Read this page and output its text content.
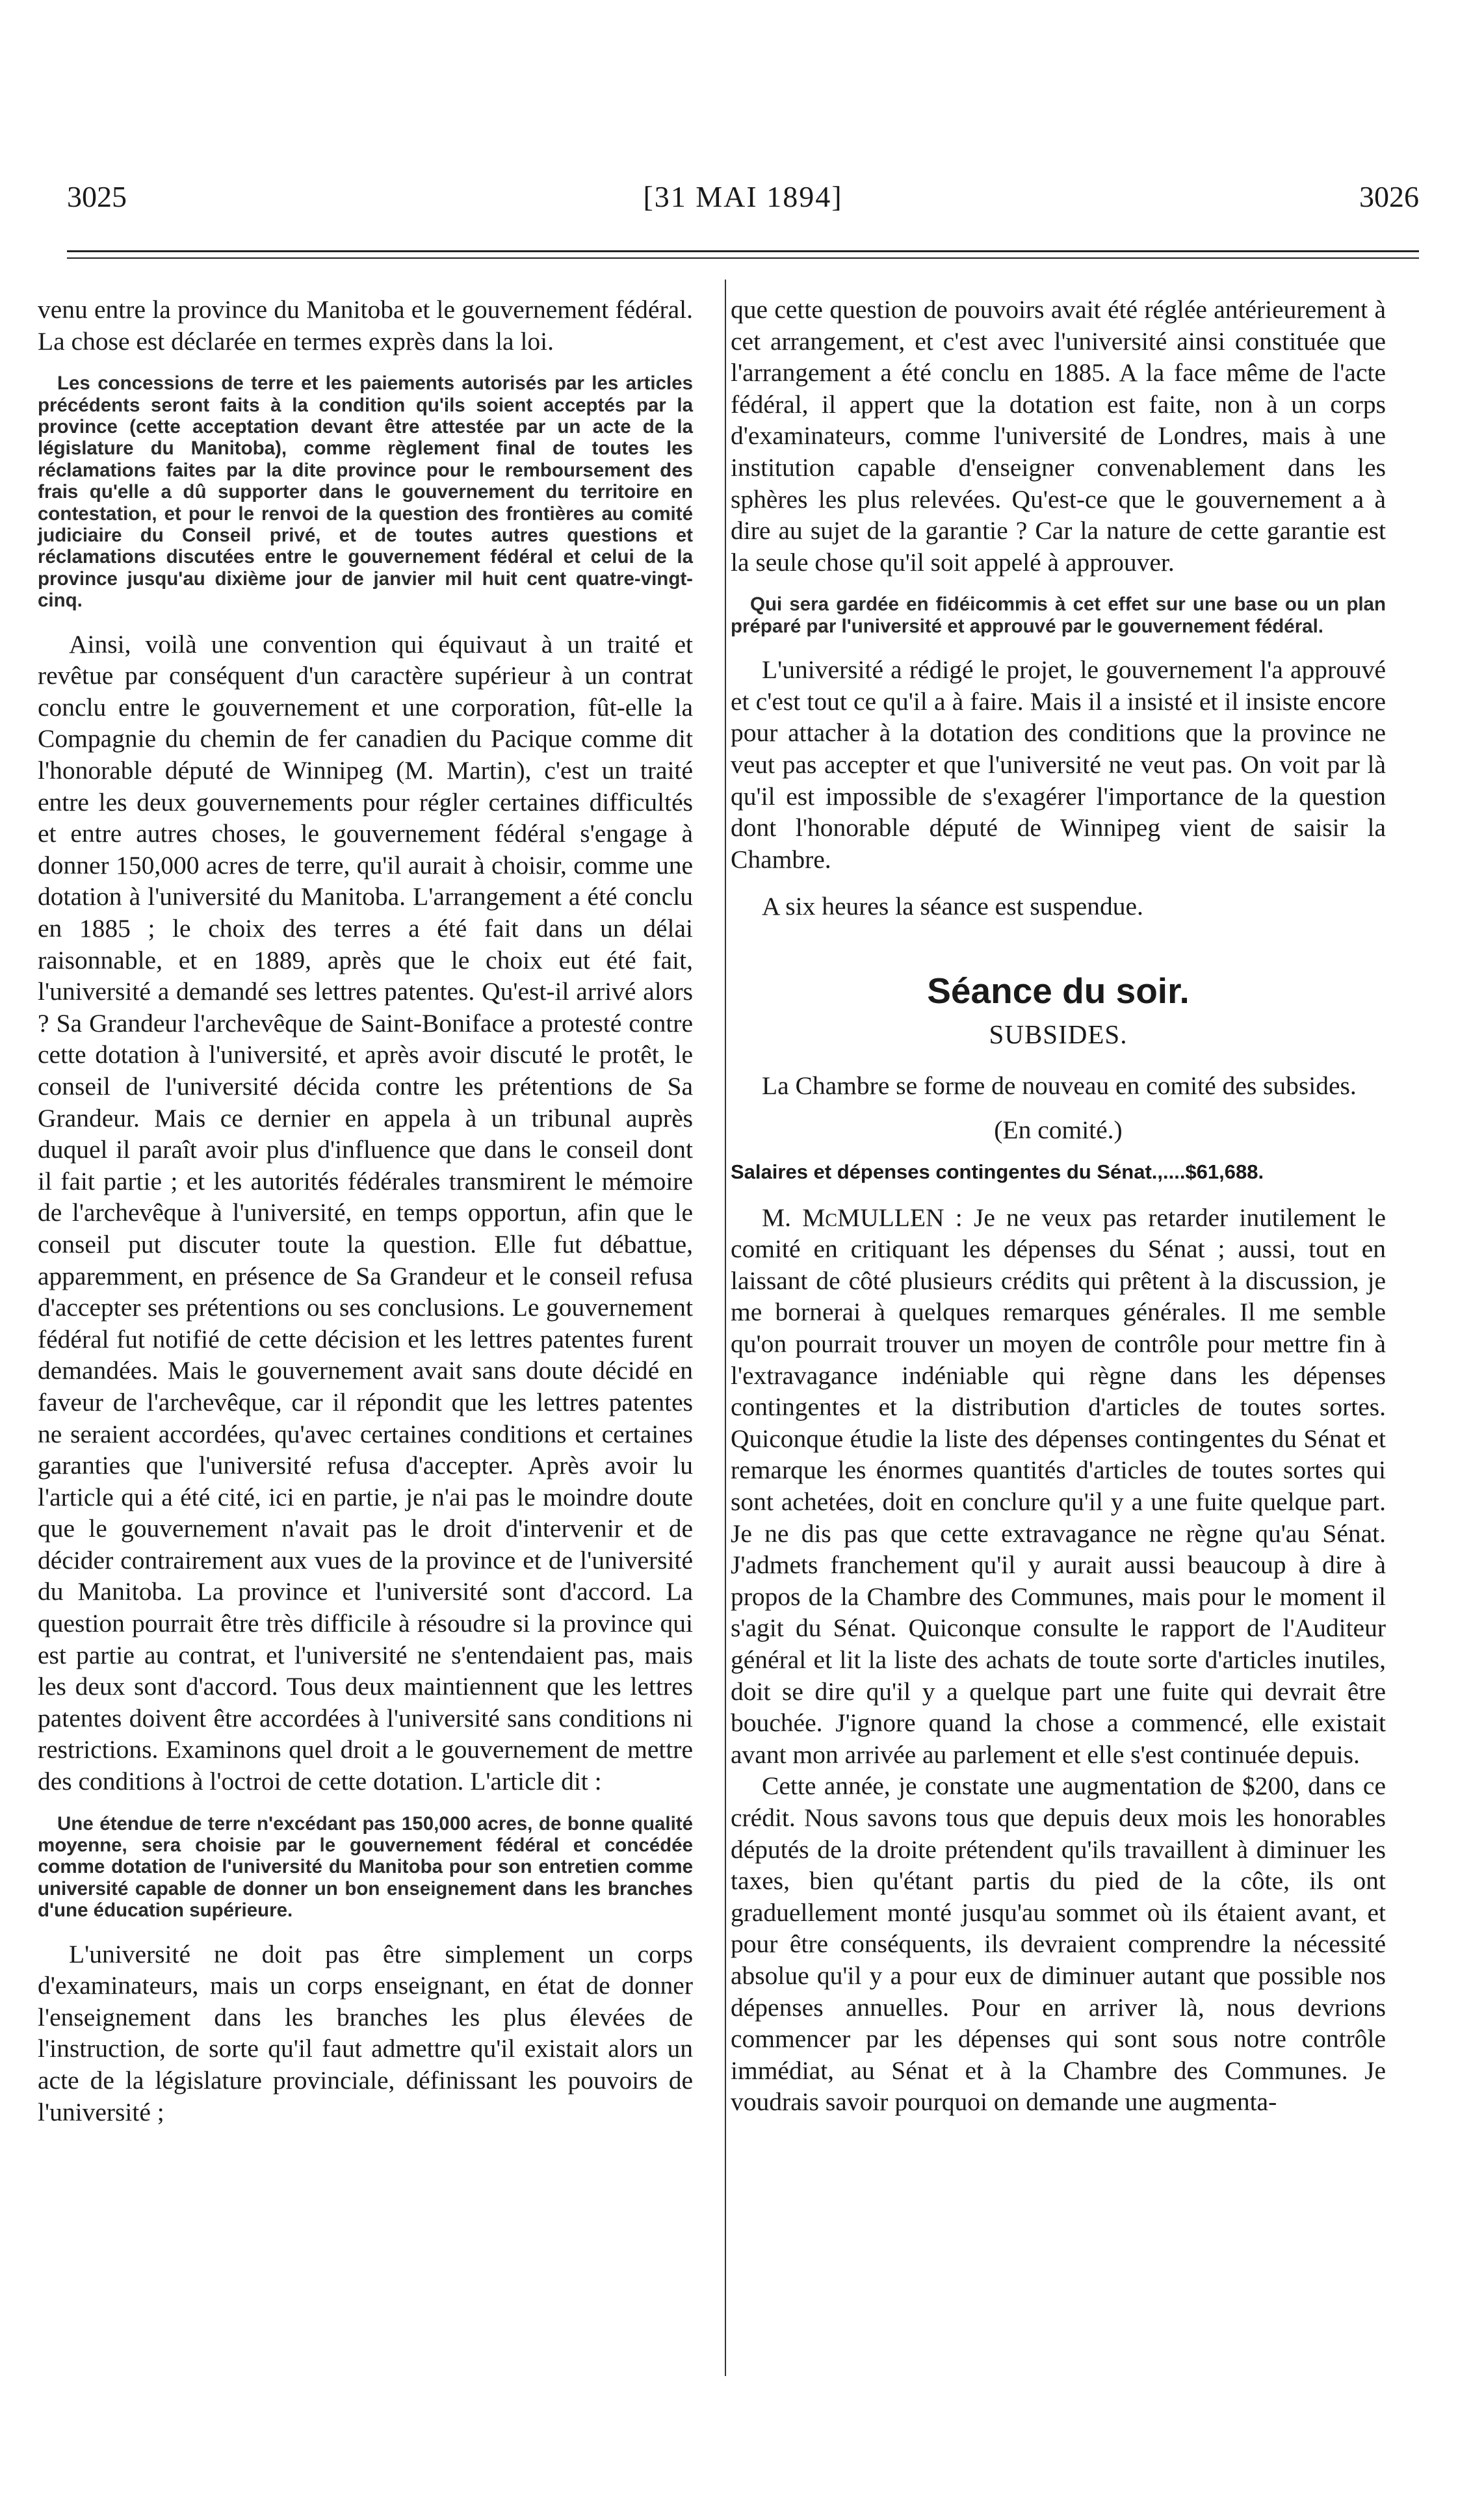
3025	[31 MAI 1894]	3026

venu entre la province du Manitoba et le gouvernement fédéral. La chose est déclarée en termes exprès dans la loi.

Les concessions de terre et les paiements autorisés par les articles précédents seront faits à la condition qu'ils soient acceptés par la province (cette acceptation devant être attestée par un acte de la législature du Manitoba), comme règlement final de toutes les réclamations faites par la dite province pour le remboursement des frais qu'elle a dû supporter dans le gouvernement du territoire en contestation, et pour le renvoi de la question des frontières au comité judiciaire du Conseil privé, et de toutes autres questions et réclamations discutées entre le gouvernement fédéral et celui de la province jusqu'au dixième jour de janvier mil huit cent quatre-vingt-cinq.

Ainsi, voilà une convention qui équivaut à un traité et revêtue par conséquent d'un caractère supérieur à un contrat conclu entre le gouvernement et une corporation, fût-elle la Compagnie du chemin de fer canadien du Pacique comme dit l'honorable député de Winnipeg (M. Martin), c'est un traité entre les deux gouvernements pour régler certaines difficultés et entre autres choses, le gouvernement fédéral s'engage à donner 150,000 acres de terre, qu'il aurait à choisir, comme une dotation à l'université du Manitoba. L'arrangement a été conclu en 1885 ; le choix des terres a été fait dans un délai raisonnable, et en 1889, après que le choix eut été fait, l'université a demandé ses lettres patentes. Qu'est-il arrivé alors ? Sa Grandeur l'archevêque de Saint-Boniface a protesté contre cette dotation à l'université, et après avoir discuté le protêt, le conseil de l'université décida contre les prétentions de Sa Grandeur. Mais ce dernier en appela à un tribunal auprès duquel il paraît avoir plus d'influence que dans le conseil dont il fait partie ; et les autorités fédérales transmirent le mémoire de l'archevêque à l'université, en temps opportun, afin que le conseil put discuter toute la question. Elle fut débattue, apparemment, en présence de Sa Grandeur et le conseil refusa d'accepter ses prétentions ou ses conclusions. Le gouvernement fédéral fut notifié de cette décision et les lettres patentes furent demandées. Mais le gouvernement avait sans doute décidé en faveur de l'archevêque, car il répondit que les lettres patentes ne seraient accordées, qu'avec certaines conditions et certaines garanties que l'université refusa d'accepter. Après avoir lu l'article qui a été cité, ici en partie, je n'ai pas le moindre doute que le gouvernement n'avait pas le droit d'intervenir et de décider contrairement aux vues de la province et de l'université du Manitoba. La province et l'université sont d'accord. La question pourrait être très difficile à résoudre si la province qui est partie au contrat, et l'université ne s'entendaient pas, mais les deux sont d'accord. Tous deux maintiennent que les lettres patentes doivent être accordées à l'université sans conditions ni restrictions. Examinons quel droit a le gouvernement de mettre des conditions à l'octroi de cette dotation. L'article dit :

Une étendue de terre n'excédant pas 150,000 acres, de bonne qualité moyenne, sera choisie par le gouvernement fédéral et concédée comme dotation de l'université du Manitoba pour son entretien comme université capable de donner un bon enseignement dans les branches d'une éducation supérieure.

L'université ne doit pas être simplement un corps d'examinateurs, mais un corps enseignant, en état de donner l'enseignement dans les branches les plus élevées de l'instruction, de sorte qu'il faut admettre qu'il existait alors un acte de la législature provinciale, définissant les pouvoirs de l'université ;

que cette question de pouvoirs avait été réglée antérieurement à cet arrangement, et c'est avec l'université ainsi constituée que l'arrangement a été conclu en 1885. A la face même de l'acte fédéral, il appert que la dotation est faite, non à un corps d'examinateurs, comme l'université de Londres, mais à une institution capable d'enseigner convenablement dans les sphères les plus relevées. Qu'est-ce que le gouvernement a à dire au sujet de la garantie ? Car la nature de cette garantie est la seule chose qu'il soit appelé à approuver.

Qui sera gardée en fidéicommis à cet effet sur une base ou un plan préparé par l'université et approuvé par le gouvernement fédéral.

L'université a rédigé le projet, le gouvernement l'a approuvé et c'est tout ce qu'il a à faire. Mais il a insisté et il insiste encore pour attacher à la dotation des conditions que la province ne veut pas accepter et que l'université ne veut pas. On voit par là qu'il est impossible de s'exagérer l'importance de la question dont l'honorable député de Winnipeg vient de saisir la Chambre.

A six heures la séance est suspendue.

Séance du soir.
SUBSIDES.

La Chambre se forme de nouveau en comité des subsides.

(En comité.)
Salaires et dépenses contingentes du Sénat.,....$61,688.

M. McMULLEN : Je ne veux pas retarder inutilement le comité en critiquant les dépenses du Sénat ; aussi, tout en laissant de côté plusieurs crédits qui prêtent à la discussion, je me bornerai à quelques remarques générales. Il me semble qu'on pourrait trouver un moyen de contrôle pour mettre fin à l'extravagance indéniable qui règne dans les dépenses contingentes et la distribution d'articles de toutes sortes. Quiconque étudie la liste des dépenses contingentes du Sénat et remarque les énormes quantités d'articles de toutes sortes qui sont achetées, doit en conclure qu'il y a une fuite quelque part. Je ne dis pas que cette extravagance ne règne qu'au Sénat. J'admets franchement qu'il y aurait aussi beaucoup à dire à propos de la Chambre des Communes, mais pour le moment il s'agit du Sénat. Quiconque consulte le rapport de l'Auditeur général et lit la liste des achats de toute sorte d'articles inutiles, doit se dire qu'il y a quelque part une fuite qui devrait être bouchée. J'ignore quand la chose a commencé, elle existait avant mon arrivée au parlement et elle s'est continuée depuis.

Cette année, je constate une augmentation de $200, dans ce crédit. Nous savons tous que depuis deux mois les honorables députés de la droite prétendent qu'ils travaillent à diminuer les taxes, bien qu'étant partis du pied de la côte, ils ont graduellement monté jusqu'au sommet où ils étaient avant, et pour être conséquents, ils devraient comprendre la nécessité absolue qu'il y a pour eux de diminuer autant que possible nos dépenses annuelles. Pour en arriver là, nous devrions commencer par les dépenses qui sont sous notre contrôle immédiat, au Sénat et à la Chambre des Communes. Je voudrais savoir pourquoi on demande une augmenta-
